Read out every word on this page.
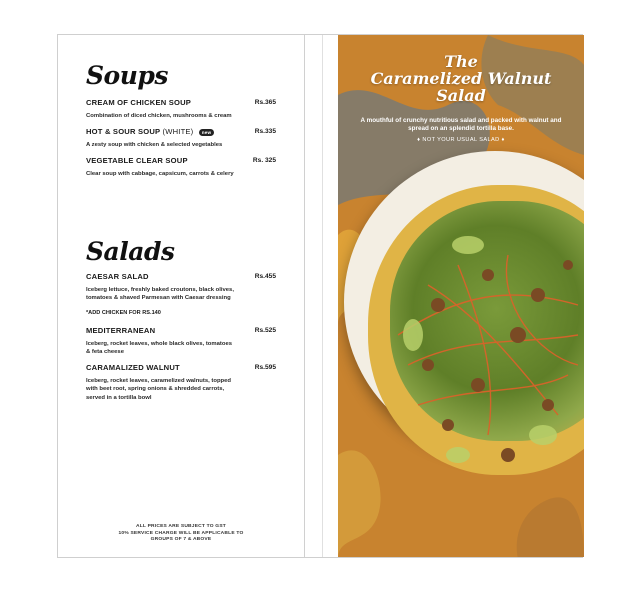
Soups
CREAM OF CHICKEN SOUP	Rs.365
Combination of diced chicken, mushrooms & cream
HOT & SOUR SOUP (WHITE) new	Rs.335
A zesty soup with chicken & selected vegetables
VEGETABLE CLEAR SOUP	Rs. 325
Clear soup with cabbage, capsicum, carrots & celery
Salads
CAESAR SALAD	Rs.455
Iceberg lettuce, freshly baked croutons, black olives, tomatoes & shaved Parmesan with Caesar dressing
*ADD CHICKEN FOR RS.140
MEDITERRANEAN	Rs.525
Iceberg, rocket leaves, whole black olives, tomatoes & feta cheese
CARAMALIZED WALNUT	Rs.595
Iceberg, rocket leaves, caramelized walnuts, topped with beet root, spring onions & shredded carrots, served in a tortilla bowl
ALL PRICES ARE SUBJECT TO GST
10% SERVICE CHARGE WILL BE APPLICABLE TO
GROUPS OF 7 & ABOVE
The
Caramelized Walnut
Salad
A mouthful of crunchy nutritious salad and packed with walnut and spread on an splendid tortilla base.
♦ NOT YOUR USUAL SALAD ♦
